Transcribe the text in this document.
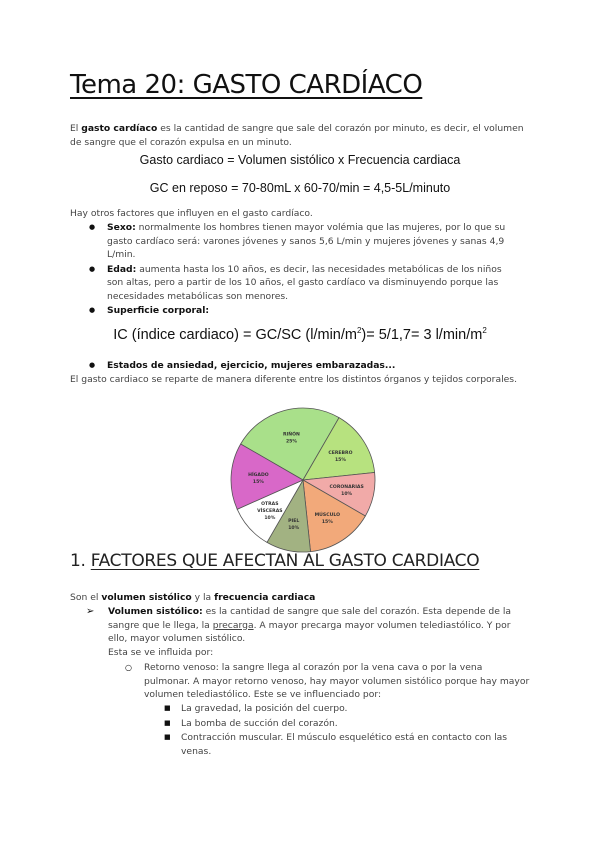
Tema 20: GASTO CARDÍACO
El gasto cardíaco es la cantidad de sangre que sale del corazón por minuto, es decir, el volumen de sangre que el corazón expulsa en un minuto.
Gasto cardiaco = Volumen sistólico x Frecuencia cardiaca
GC en reposo = 70-80mL x 60-70/min = 4,5-5L/minuto
Hay otros factores que influyen en el gasto cardíaco.
● Sexo: normalmente los hombres tienen mayor volémia que las mujeres, por lo que su gasto cardíaco será: varones jóvenes y sanos 5,6 L/min y mujeres jóvenes y sanas 4,9 L/min.
● Edad: aumenta hasta los 10 años, es decir, las necesidades metabólicas de los niños son altas, pero a partir de los 10 años, el gasto cardíaco va disminuyendo porque las necesidades metabólicas son menores.
● Superficie corporal:
IC (índice cardiaco) = GC/SC $(l/\min/m^2)= 5/1,7= 3$ $l/\min/m^2$
● Estados de ansiedad, ejercicio, mujeres embarazadas...
El gasto cardiaco se reparte de manera diferente entre los distintos órganos y tejidos corporales.
RIÑÓN
25%
CEREBRO
15%
CORONARIAS
10%
MÚSCULO
15%
PIEL
10%
OTRAS
VÍSCERAS
10%
HÍGADO
15%
1. FACTORES QUE AFECTAN AL GASTO CARDIACO
Son el volumen sistólico y la frecuencia cardiaca
➢	Volumen sistólico: es la cantidad de sangre que sale del corazón. Esta depende de la sangre que le llega, la precarga. A mayor precarga mayor volumen telediastólico. Y por ello, mayor volumen sistólico.
Esta se ve influida por:
○	Retorno venoso: la sangre llega al corazón por la vena cava o por la vena pulmonar. A mayor retorno venoso, hay mayor volumen sistólico porque hay mayor volumen telediastólico. Este se ve influenciado por:
■ La gravedad, la posición del cuerpo.
■ La bomba de succión del corazón.
■ Contracción muscular. El músculo esquelético está en contacto con las venas.
